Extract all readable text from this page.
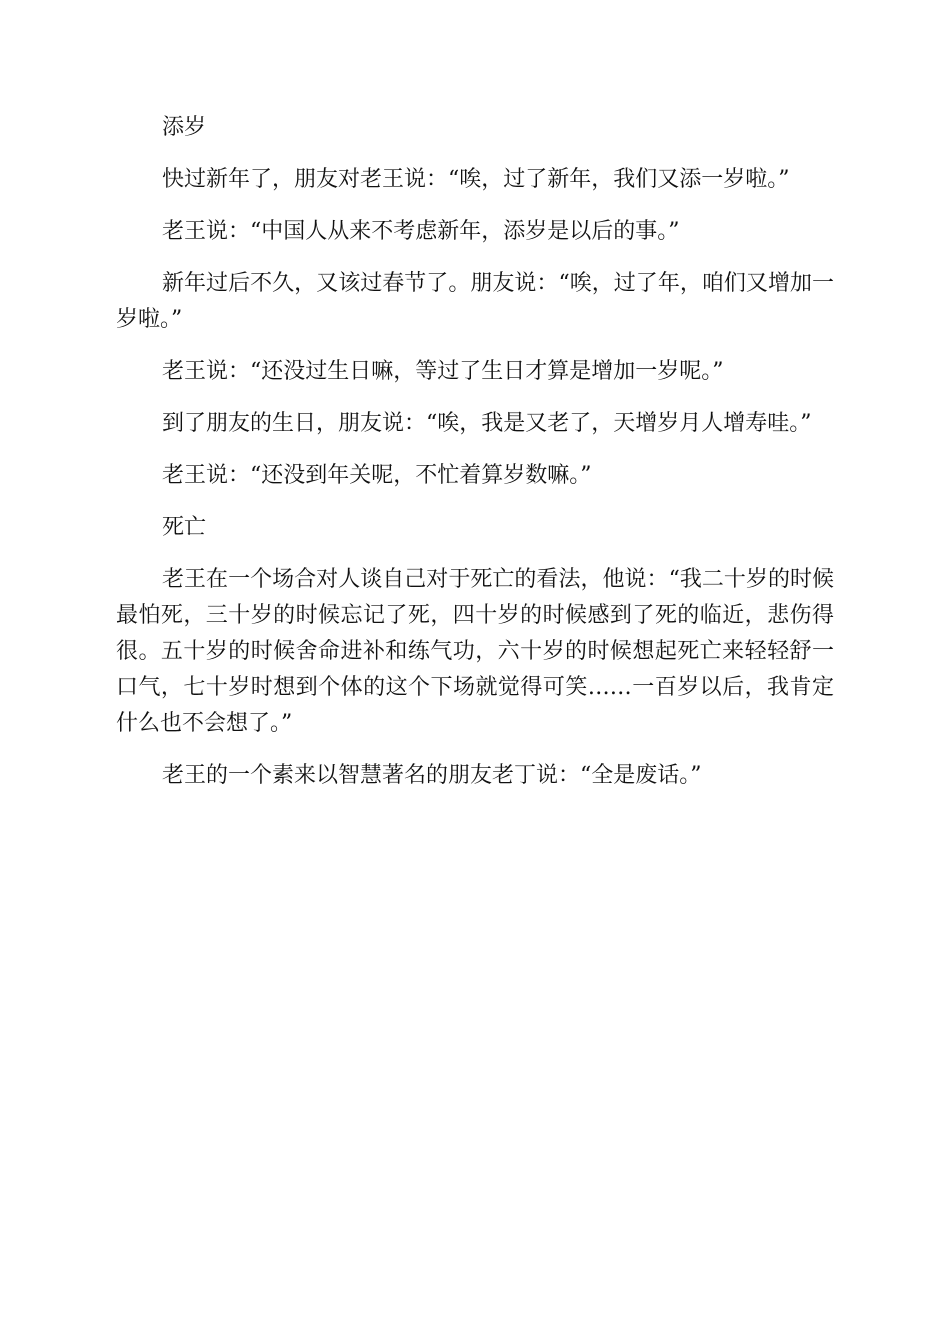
添岁

快过新年了，朋友对老王说：“唉，过了新年，我们又添一岁啦。”

老王说：“中国人从来不考虑新年，添岁是以后的事。”

新年过后不久，又该过春节了。朋友说：“唉，过了年，咱们又增加一岁啦。”

老王说：“还没过生日嘛，等过了生日才算是增加一岁呢。”

到了朋友的生日，朋友说：“唉，我是又老了，天增岁月人增寿哇。”

老王说：“还没到年关呢，不忙着算岁数嘛。”

死亡

老王在一个场合对人谈自己对于死亡的看法，他说：“我二十岁的时候最怕死，三十岁的时候忘记了死，四十岁的时候感到了死的临近，悲伤得很。五十岁的时候舍命进补和练气功，六十岁的时候想起死亡来轻轻舒一口气，七十岁时想到个体的这个下场就觉得可笑……一百岁以后，我肯定什么也不会想了。”

老王的一个素来以智慧著名的朋友老丁说：“全是废话。”
